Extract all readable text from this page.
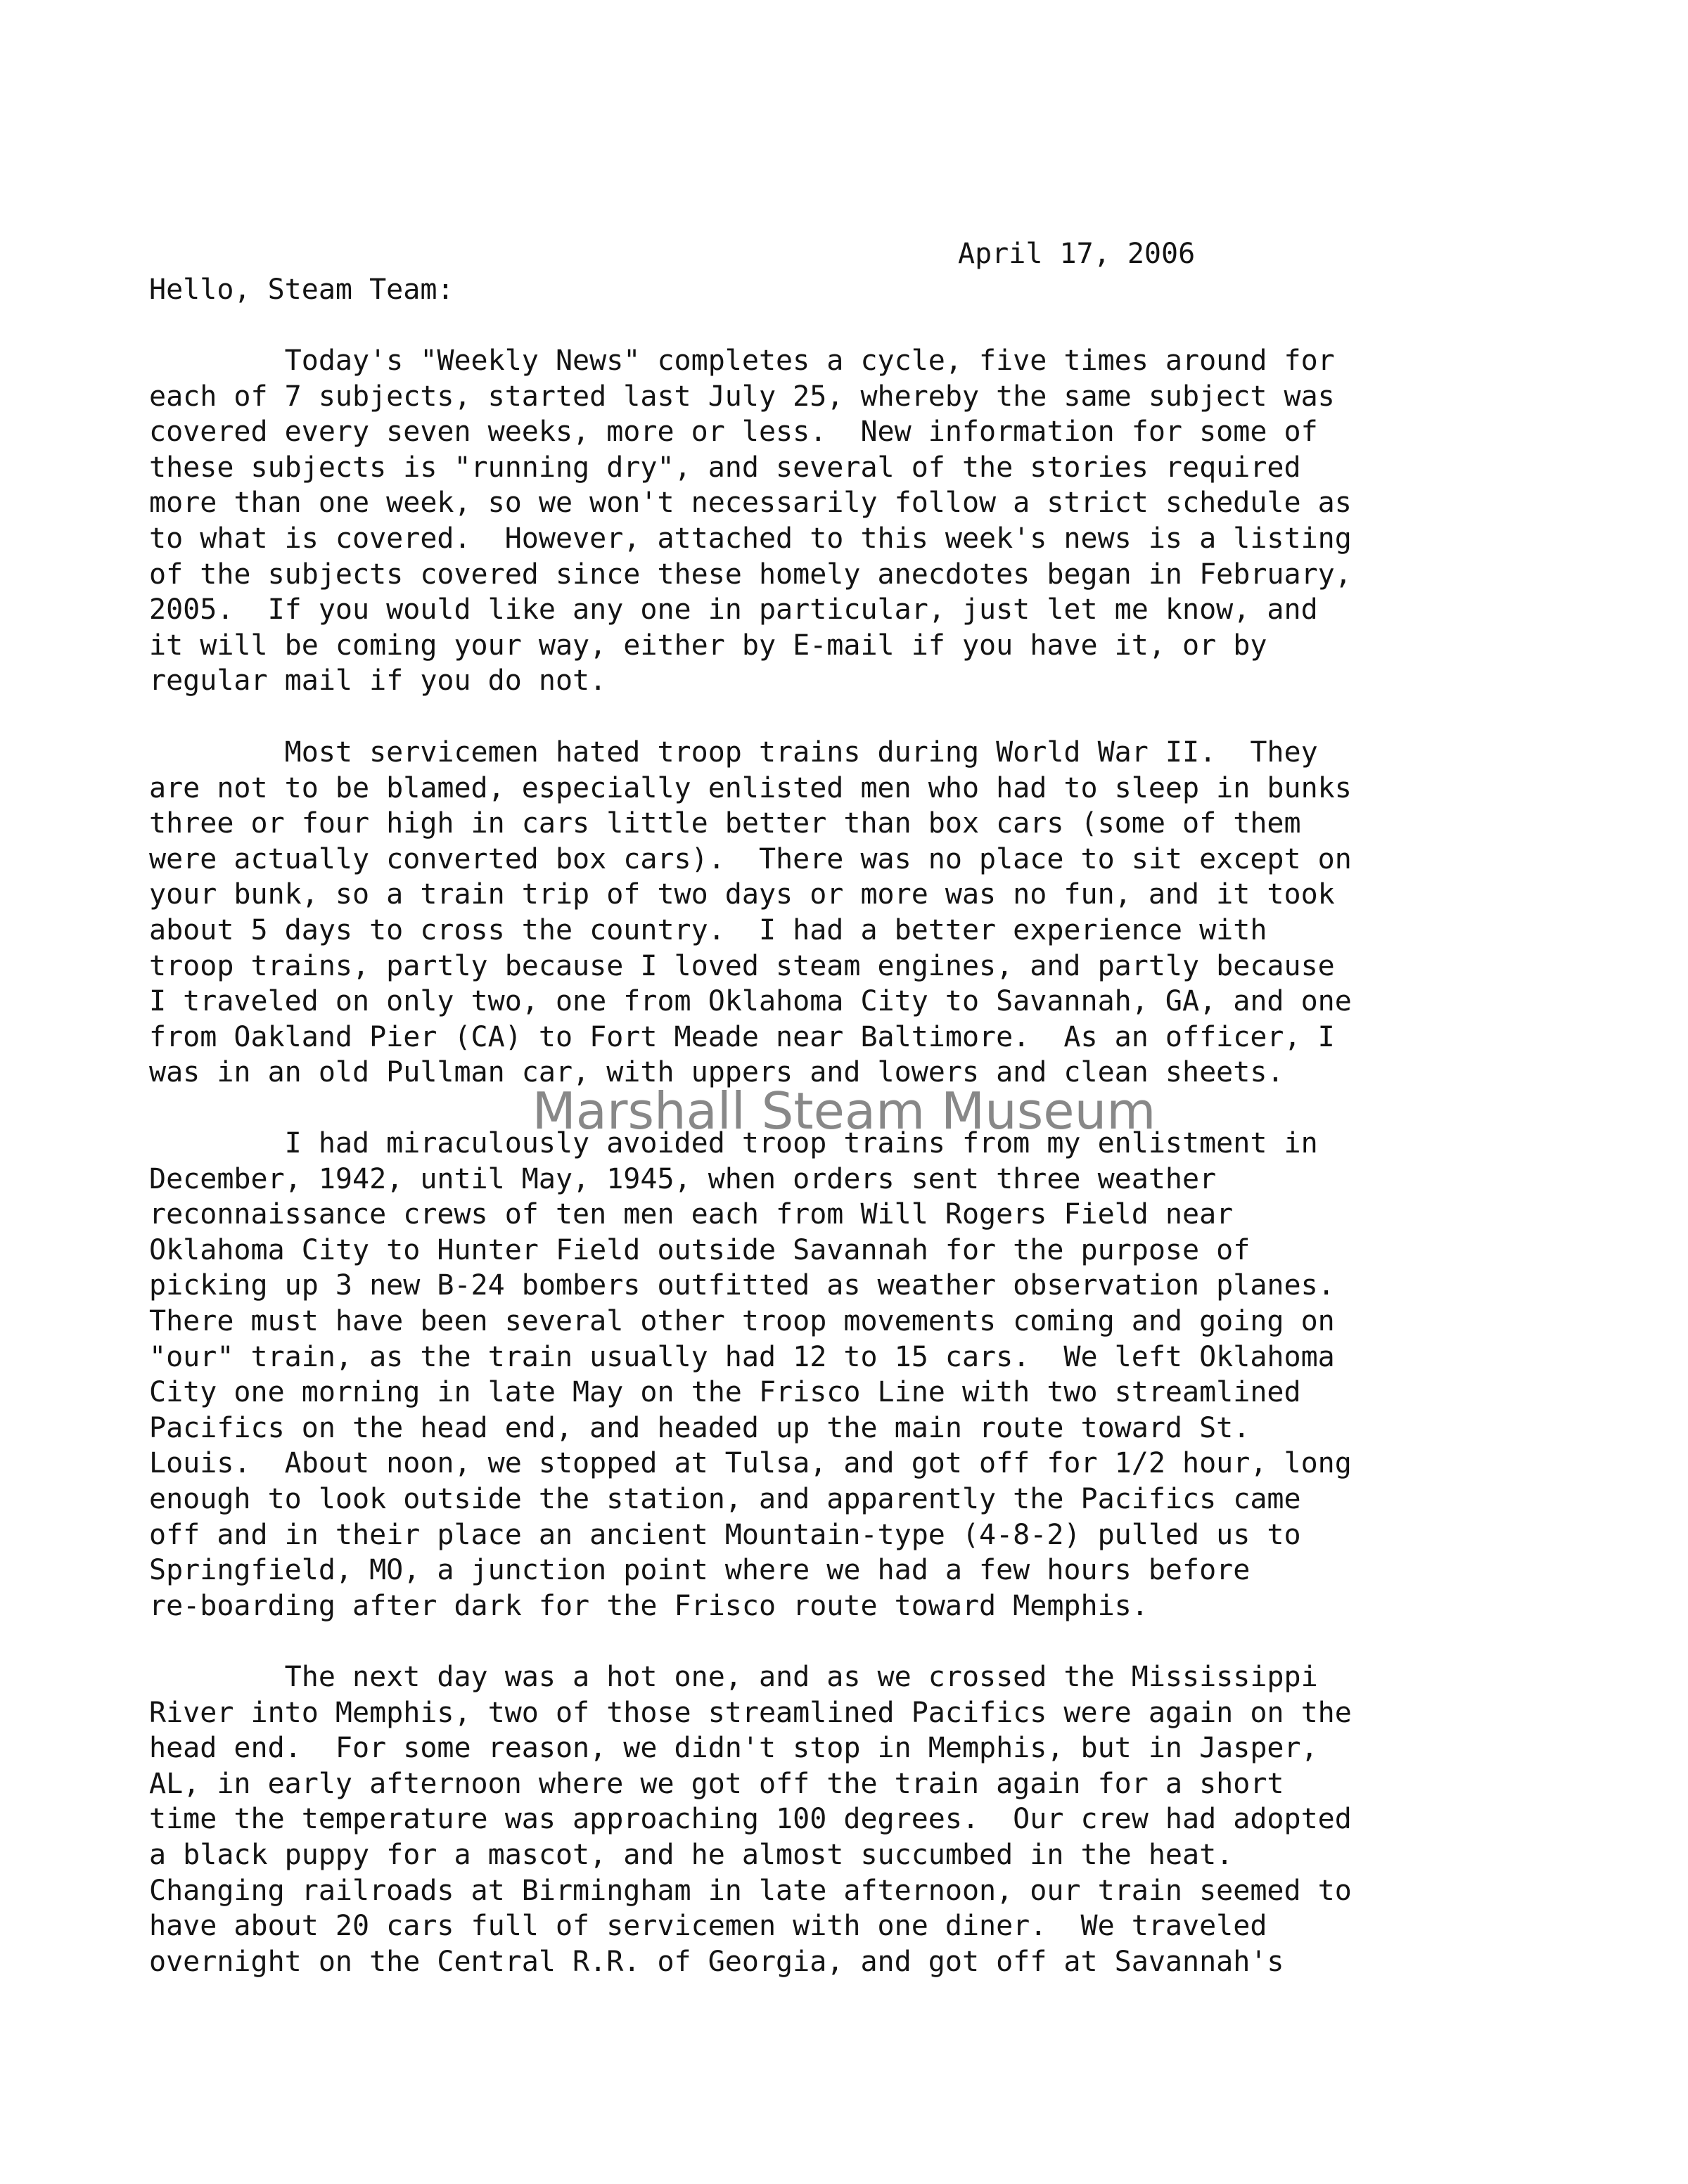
April 17, 2006
Hello, Steam Team:
Today's "Weekly News" completes a cycle, five times around for
each of 7 subjects, started last July 25, whereby the same subject was
covered every seven weeks, more or less.  New information for some of
these subjects is "running dry", and several of the stories required
more than one week, so we won't necessarily follow a strict schedule as
to what is covered.  However, attached to this week's news is a listing
of the subjects covered since these homely anecdotes began in February,
2005.  If you would like any one in particular, just let me know, and
it will be coming your way, either by E-mail if you have it, or by
regular mail if you do not.
Most servicemen hated troop trains during World War II.  They
are not to be blamed, especially enlisted men who had to sleep in bunks
three or four high in cars little better than box cars (some of them
were actually converted box cars).  There was no place to sit except on
your bunk, so a train trip of two days or more was no fun, and it took
about 5 days to cross the country.  I had a better experience with
troop trains, partly because I loved steam engines, and partly because
I traveled on only two, one from Oklahoma City to Savannah, GA, and one
from Oakland Pier (CA) to Fort Meade near Baltimore.  As an officer, I
was in an old Pullman car, with uppers and lowers and clean sheets.
I had miraculously avoided troop trains from my enlistment in
December, 1942, until May, 1945, when orders sent three weather
reconnaissance crews of ten men each from Will Rogers Field near
Oklahoma City to Hunter Field outside Savannah for the purpose of
picking up 3 new B-24 bombers outfitted as weather observation planes.
There must have been several other troop movements coming and going on
"our" train, as the train usually had 12 to 15 cars.  We left Oklahoma
City one morning in late May on the Frisco Line with two streamlined
Pacifics on the head end, and headed up the main route toward St.
Louis.  About noon, we stopped at Tulsa, and got off for 1/2 hour, long
enough to look outside the station, and apparently the Pacifics came
off and in their place an ancient Mountain-type (4-8-2) pulled us to
Springfield, MO, a junction point where we had a few hours before
re-boarding after dark for the Frisco route toward Memphis.
The next day was a hot one, and as we crossed the Mississippi
River into Memphis, two of those streamlined Pacifics were again on the
head end.  For some reason, we didn't stop in Memphis, but in Jasper,
AL, in early afternoon where we got off the train again for a short
time the temperature was approaching 100 degrees.  Our crew had adopted
a black puppy for a mascot, and he almost succumbed in the heat.
Changing railroads at Birmingham in late afternoon, our train seemed to
have about 20 cars full of servicemen with one diner.  We traveled
overnight on the Central R.R. of Georgia, and got off at Savannah's
Marshall Steam Museum
